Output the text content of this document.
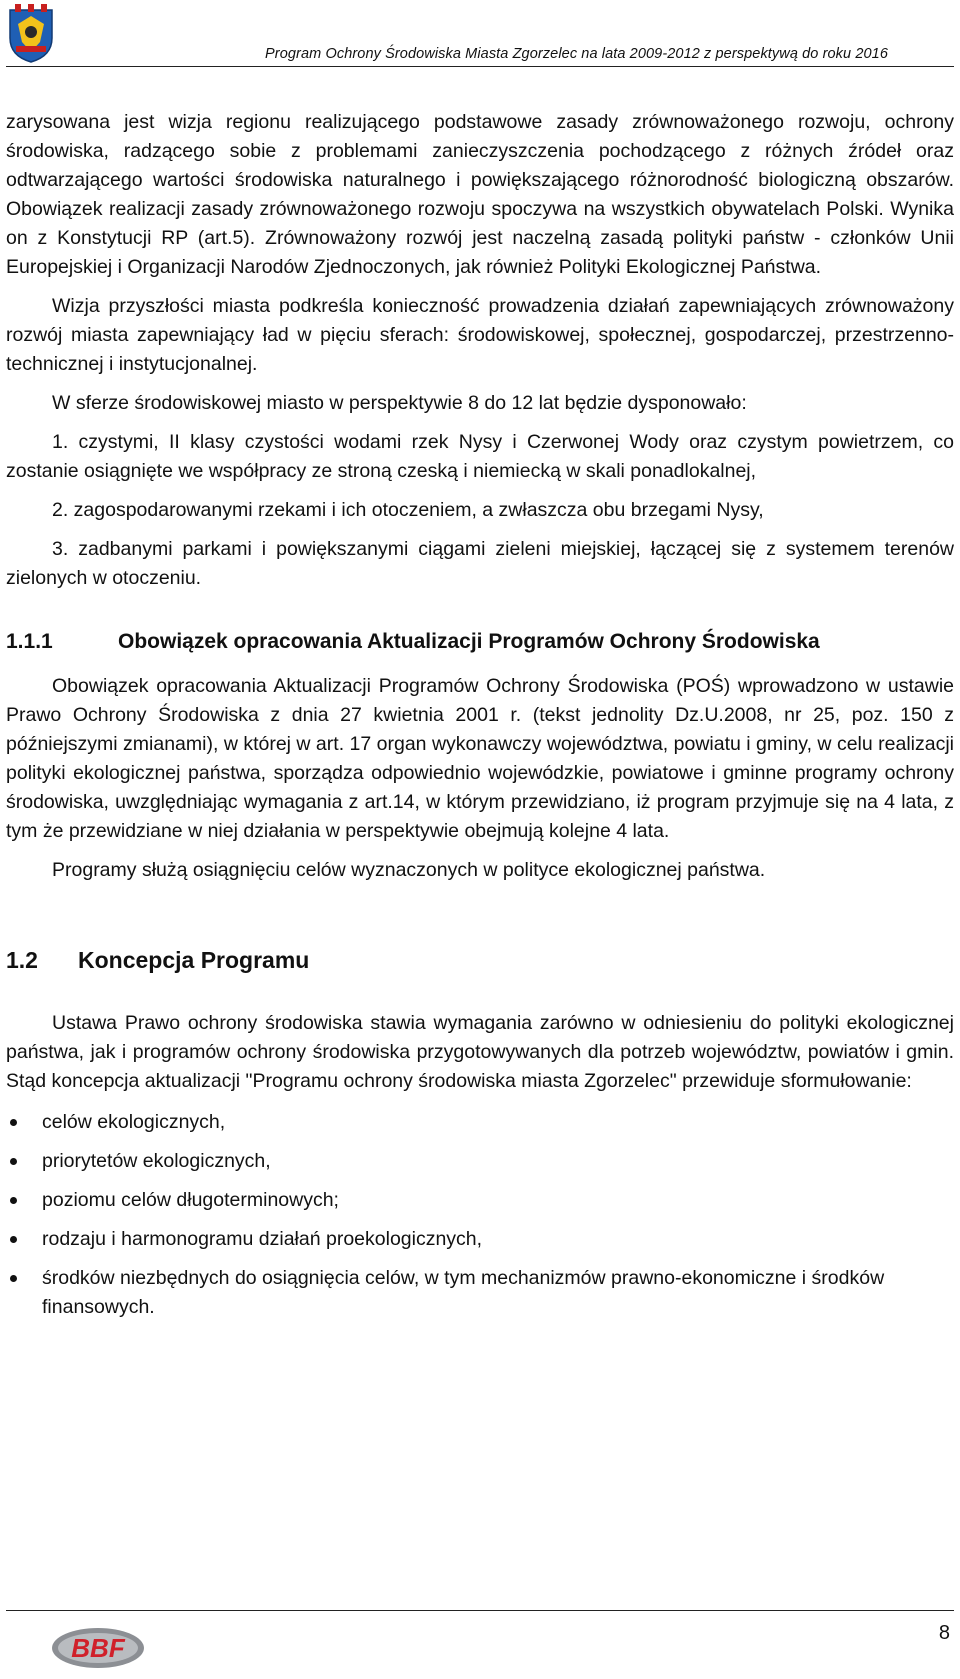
Program Ochrony Środowiska Miasta Zgorzelec na lata 2009-2012 z perspektywą do roku 2016

zarysowana jest wizja regionu realizującego podstawowe zasady zrównoważonego rozwoju, ochrony środowiska, radzącego sobie z problemami zanieczyszczenia pochodzącego z różnych źródeł oraz odtwarzającego wartości środowiska naturalnego i powiększającego różnorodność biologiczną obszarów. Obowiązek realizacji zasady zrównoważonego rozwoju spoczywa na wszystkich obywatelach Polski. Wynika on z Konstytucji RP (art.5). Zrównoważony rozwój jest naczelną zasadą polityki państw - członków Unii Europejskiej i Organizacji Narodów Zjednoczonych, jak również Polityki Ekologicznej Państwa.

Wizja przyszłości miasta podkreśla konieczność prowadzenia działań zapewniających zrównoważony rozwój miasta zapewniający ład w pięciu sferach: środowiskowej, społecznej, gospodarczej, przestrzenno-technicznej i instytucjonalnej.

W sferze środowiskowej miasto w perspektywie 8 do 12 lat będzie dysponowało:

1. czystymi, II klasy czystości wodami rzek Nysy i Czerwonej Wody oraz czystym powietrzem, co zostanie osiągnięte we współpracy ze stroną czeską i niemiecką w skali ponadlokalnej,

2. zagospodarowanymi rzekami i ich otoczeniem, a zwłaszcza obu brzegami Nysy,

3. zadbanymi parkami i powiększanymi ciągami zieleni miejskiej, łączącej się z systemem terenów zielonych w otoczeniu.

1.1.1	Obowiązek opracowania Aktualizacji Programów Ochrony Środowiska

Obowiązek opracowania Aktualizacji Programów Ochrony Środowiska (POŚ) wprowadzono w ustawie Prawo Ochrony Środowiska z dnia 27 kwietnia 2001 r. (tekst jednolity Dz.U.2008, nr 25, poz. 150 z późniejszymi zmianami), w której w art. 17 organ wykonawczy województwa, powiatu i gminy, w celu realizacji polityki ekologicznej państwa, sporządza odpowiednio wojewódzkie, powiatowe i gminne programy ochrony środowiska, uwzględniając wymagania z art.14, w którym przewidziano, iż program przyjmuje się na 4 lata, z tym że przewidziane w niej działania w perspektywie obejmują kolejne 4 lata.

Programy służą osiągnięciu celów wyznaczonych w polityce ekologicznej państwa.

1.2	Koncepcja Programu

Ustawa Prawo ochrony środowiska stawia wymagania zarówno w odniesieniu do polityki ekologicznej państwa, jak i programów ochrony środowiska przygotowywanych dla potrzeb województw, powiatów i gmin. Stąd koncepcja aktualizacji "Programu ochrony środowiska miasta Zgorzelec" przewiduje sformułowanie:

celów ekologicznych,
priorytetów ekologicznych,
poziomu celów długoterminowych;
rodzaju i harmonogramu działań proekologicznych,
środków niezbędnych do osiągnięcia celów, w tym mechanizmów prawno-ekonomiczne i środków finansowych.
BBF	8
